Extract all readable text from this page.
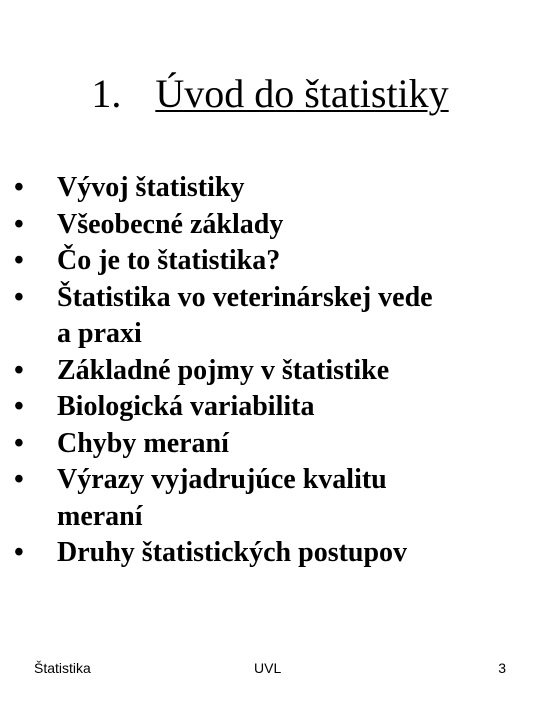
1. Úvod do štatistiky
• Vývoj štatistiky
• Všeobecné základy
• Čo je to štatistika?
• Štatistika vo veterinárskej vede
a praxi
• Základné pojmy v štatistike
• Biologická variabilita
• Chyby meraní
• Výrazy vyjadrujúce kvalitu
meraní
• Druhy štatistických postupov
Štatistika	UVL	3
